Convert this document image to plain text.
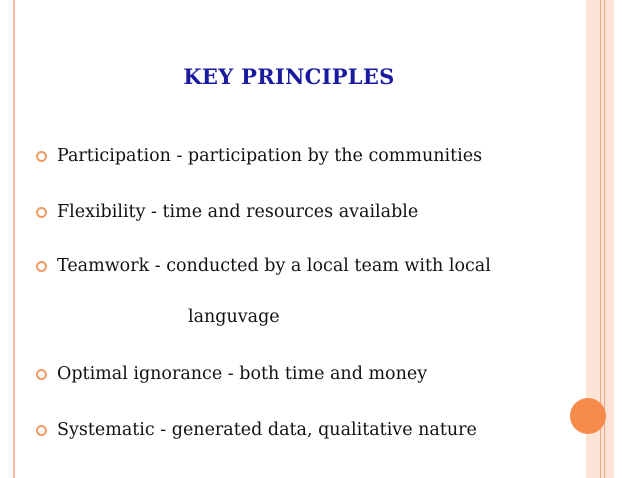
KEY PRINCIPLES
Participation - participation by the communities
Flexibility - time and resources available
Teamwork - conducted by a local team with local
languvage
Optimal ignorance - both time and money
Systematic - generated data, qualitative nature
